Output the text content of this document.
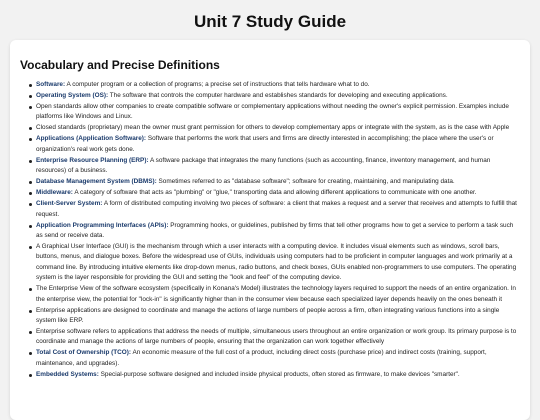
Unit 7 Study Guide
Vocabulary and Precise Definitions
Software: A computer program or a collection of programs; a precise set of instructions that tells hardware what to do.
Operating System (OS): The software that controls the computer hardware and establishes standards for developing and executing applications.
Open standards allow other companies to create compatible software or complementary applications without needing the owner's explicit permission. Examples include platforms like Windows and Linux.
Closed standards (proprietary) mean the owner must grant permission for others to develop complementary apps or integrate with the system, as is the case with Apple
Applications (Application Software): Software that performs the work that users and firms are directly interested in accomplishing; the place where the user's or organization's real work gets done.
Enterprise Resource Planning (ERP): A software package that integrates the many functions (such as accounting, finance, inventory management, and human resources) of a business.
Database Management System (DBMS): Sometimes referred to as "database software"; software for creating, maintaining, and manipulating data.
Middleware: A category of software that acts as "plumbing" or "glue," transporting data and allowing different applications to communicate with one another.
Client-Server System: A form of distributed computing involving two pieces of software: a client that makes a request and a server that receives and attempts to fulfill that request.
Application Programming Interfaces (APIs): Programming hooks, or guidelines, published by firms that tell other programs how to get a service to perform a task such as send or receive data.
A Graphical User Interface (GUI) is the mechanism through which a user interacts with a computing device. It includes visual elements such as windows, scroll bars, buttons, menus, and dialogue boxes. Before the widespread use of GUIs, individuals using computers had to be proficient in computer languages and work primarily at a command line. By introducing intuitive elements like drop-down menus, radio buttons, and check boxes, GUIs enabled non-programmers to use computers. The operating system is the layer responsible for providing the GUI and setting the "look and feel" of the computing device.
The Enterprise View of the software ecosystem (specifically in Konana's Model) illustrates the technology layers required to support the needs of an entire organization. In the enterprise view, the potential for "lock-in" is significantly higher than in the consumer view because each specialized layer depends heavily on the ones beneath it
Enterprise applications are designed to coordinate and manage the actions of large numbers of people across a firm, often integrating various functions into a single system like ERP.
Enterprise software refers to applications that address the needs of multiple, simultaneous users throughout an entire organization or work group. Its primary purpose is to coordinate and manage the actions of large numbers of people, ensuring that the organization can work together effectively
Total Cost of Ownership (TCO): An economic measure of the full cost of a product, including direct costs (purchase price) and indirect costs (training, support, maintenance, and upgrades).
Embedded Systems: Special-purpose software designed and included inside physical products, often stored as firmware, to make devices "smarter".
